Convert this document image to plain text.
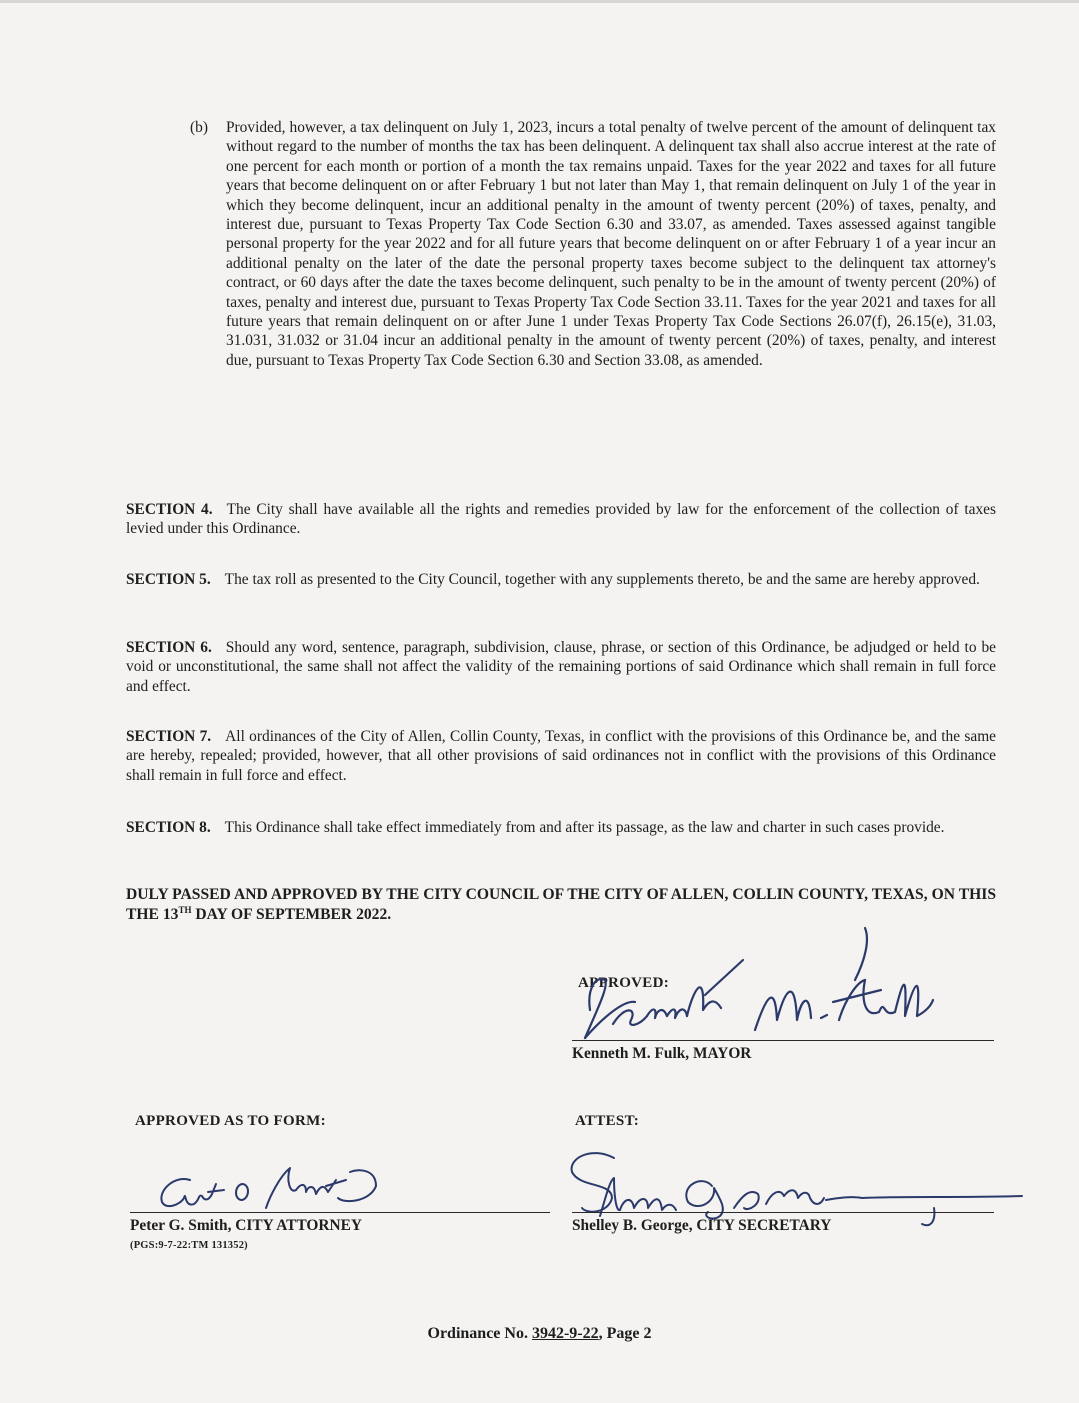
(b)	Provided, however, a tax delinquent on July 1, 2023, incurs a total penalty of twelve percent of the amount of delinquent tax without regard to the number of months the tax has been delinquent. A delinquent tax shall also accrue interest at the rate of one percent for each month or portion of a month the tax remains unpaid. Taxes for the year 2022 and taxes for all future years that become delinquent on or after February 1 but not later than May 1, that remain delinquent on July 1 of the year in which they become delinquent, incur an additional penalty in the amount of twenty percent (20%) of taxes, penalty, and interest due, pursuant to Texas Property Tax Code Section 6.30 and 33.07, as amended. Taxes assessed against tangible personal property for the year 2022 and for all future years that become delinquent on or after February 1 of a year incur an additional penalty on the later of the date the personal property taxes become subject to the delinquent tax attorney's contract, or 60 days after the date the taxes become delinquent, such penalty to be in the amount of twenty percent (20%) of taxes, penalty and interest due, pursuant to Texas Property Tax Code Section 33.11. Taxes for the year 2021 and taxes for all future years that remain delinquent on or after June 1 under Texas Property Tax Code Sections 26.07(f), 26.15(e), 31.03, 31.031, 31.032 or 31.04 incur an additional penalty in the amount of twenty percent (20%) of taxes, penalty, and interest due, pursuant to Texas Property Tax Code Section 6.30 and Section 33.08, as amended.

SECTION 4. The City shall have available all the rights and remedies provided by law for the enforcement of the collection of taxes levied under this Ordinance.

SECTION 5. The tax roll as presented to the City Council, together with any supplements thereto, be and the same are hereby approved.

SECTION 6. Should any word, sentence, paragraph, subdivision, clause, phrase, or section of this Ordinance, be adjudged or held to be void or unconstitutional, the same shall not affect the validity of the remaining portions of said Ordinance which shall remain in full force and effect.

SECTION 7. All ordinances of the City of Allen, Collin County, Texas, in conflict with the provisions of this Ordinance be, and the same are hereby, repealed; provided, however, that all other provisions of said ordinances not in conflict with the provisions of this Ordinance shall remain in full force and effect.

SECTION 8. This Ordinance shall take effect immediately from and after its passage, as the law and charter in such cases provide.

DULY PASSED AND APPROVED BY THE CITY COUNCIL OF THE CITY OF ALLEN, COLLIN COUNTY, TEXAS, ON THIS THE 13TH DAY OF SEPTEMBER 2022.

APPROVED:
Kenneth M. Fulk
Kenneth M. Fulk, MAYOR
APPROVED AS TO FORM:
Peter G. Smith
Peter G. Smith, CITY ATTORNEY
(PGS:9-7-22:TM 131352)
ATTEST:
Shelley B. George
Shelley B. George, CITY SECRETARY
Ordinance No. 3942-9-22, Page 2
